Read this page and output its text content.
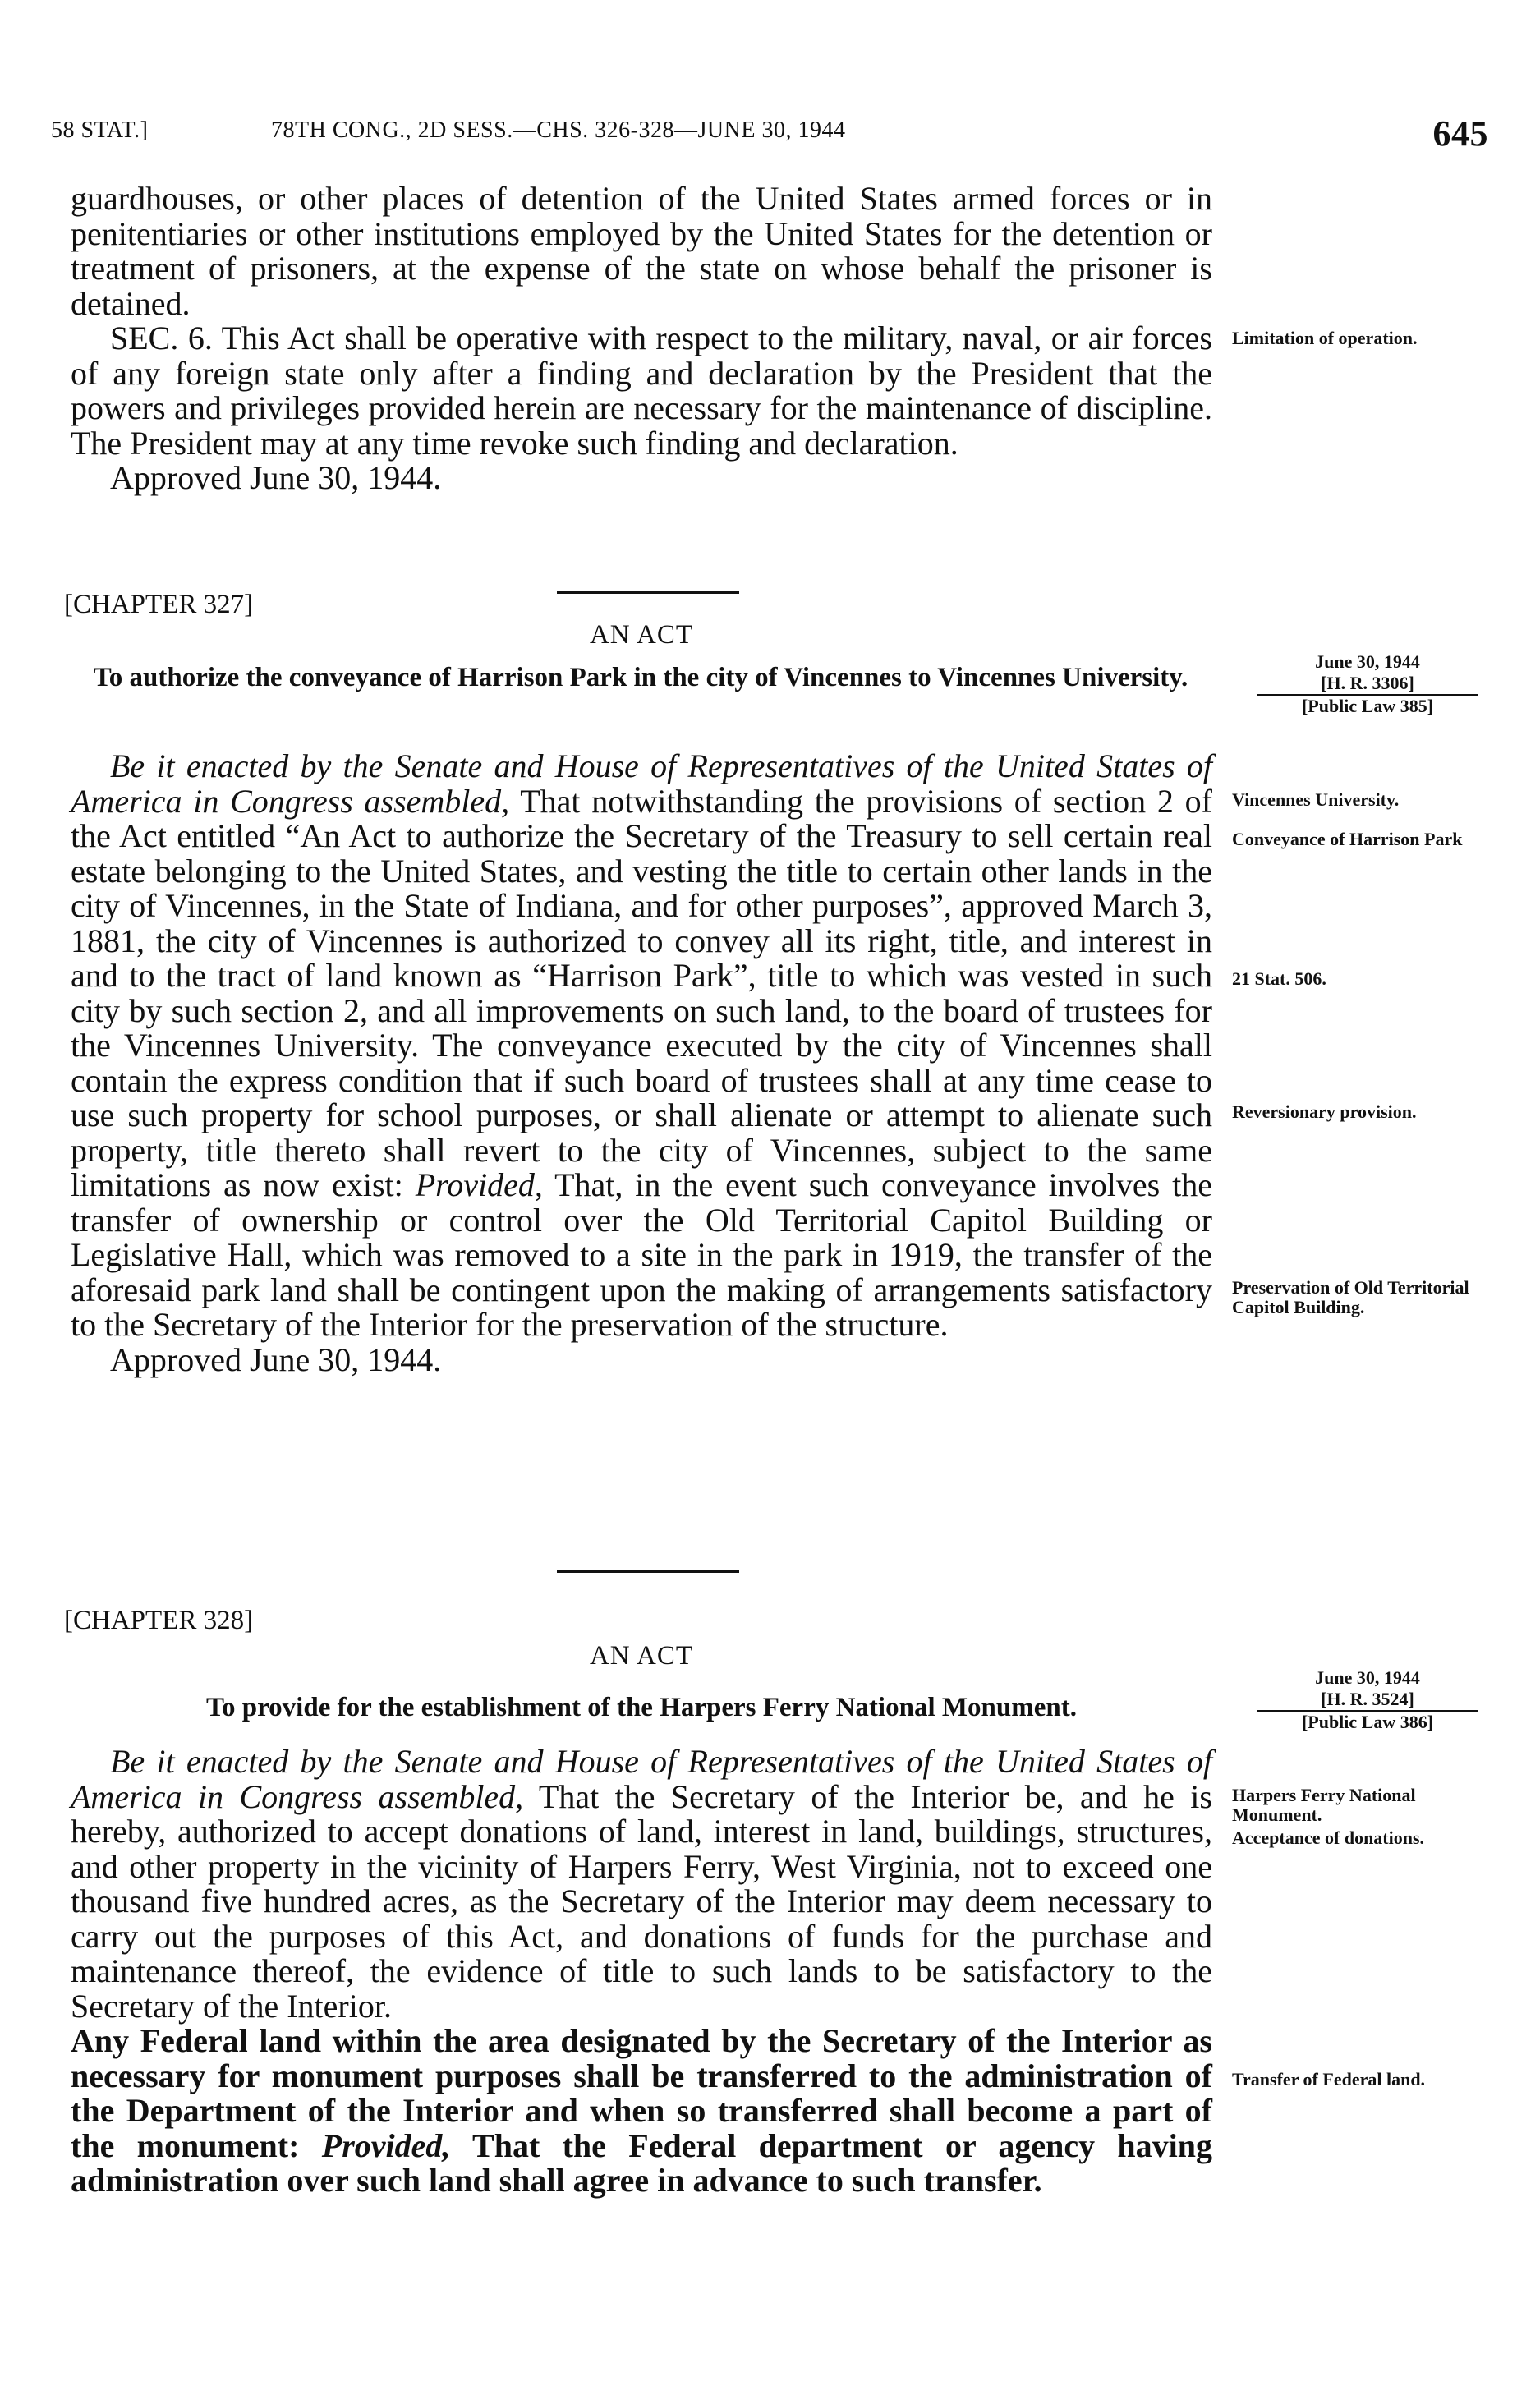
58 STAT.]	78TH CONG., 2D SESS.—CHS. 326-328—JUNE 30, 1944	645

guardhouses, or other places of detention of the United States armed forces or in penitentiaries or other institutions employed by the United States for the detention or treatment of prisoners, at the expense of the state on whose behalf the prisoner is detained.

SEC. 6. This Act shall be operative with respect to the military, naval, or air forces of any foreign state only after a finding and declaration by the President that the powers and privileges provided herein are necessary for the maintenance of discipline. The President may at any time revoke such finding and declaration.

Approved June 30, 1944.

Limitation of operation.
[CHAPTER 327]
AN ACT
To authorize the conveyance of Harrison Park in the city of Vincennes to Vincennes University.
June 30, 1944
[H. R. 3306]
[Public Law 385]

Be it enacted by the Senate and House of Representatives of the United States of America in Congress assembled, That notwithstanding the provisions of section 2 of the Act entitled “An Act to authorize the Secretary of the Treasury to sell certain real estate belonging to the United States, and vesting the title to certain other lands in the city of Vincennes, in the State of Indiana, and for other purposes”, approved March 3, 1881, the city of Vincennes is authorized to convey all its right, title, and interest in and to the tract of land known as “Harrison Park”, title to which was vested in such city by such section 2, and all improvements on such land, to the board of trustees for the Vincennes University. The conveyance executed by the city of Vincennes shall contain the express condition that if such board of trustees shall at any time cease to use such property for school purposes, or shall alienate or attempt to alienate such property, title thereto shall revert to the city of Vincennes, subject to the same limitations as now exist: Provided, That, in the event such conveyance involves the transfer of ownership or control over the Old Territorial Capitol Building or Legislative Hall, which was removed to a site in the park in 1919, the transfer of the aforesaid park land shall be contingent upon the making of arrangements satisfactory to the Secretary of the Interior for the preservation of the structure.

Approved June 30, 1944.

Vincennes University.
Conveyance of Harrison Park
21 Stat. 506.
Reversionary provision.
Preservation of Old Territorial Capitol Building.
[CHAPTER 328]
AN ACT
To provide for the establishment of the Harpers Ferry National Monument.
June 30, 1944
[H. R. 3524]
[Public Law 386]

Be it enacted by the Senate and House of Representatives of the United States of America in Congress assembled, That the Secretary of the Interior be, and he is hereby, authorized to accept donations of land, interest in land, buildings, structures, and other property in the vicinity of Harpers Ferry, West Virginia, not to exceed one thousand five hundred acres, as the Secretary of the Interior may deem necessary to carry out the purposes of this Act, and donations of funds for the purchase and maintenance thereof, the evidence of title to such lands to be satisfactory to the Secretary of the Interior.

Any Federal land within the area designated by the Secretary of the Interior as necessary for monument purposes shall be transferred to the administration of the Department of the Interior and when so transferred shall become a part of the monument: Provided, That the Federal department or agency having administration over such land shall agree in advance to such transfer.

Harpers Ferry National Monument.
Acceptance of donations.
Transfer of Federal land.
